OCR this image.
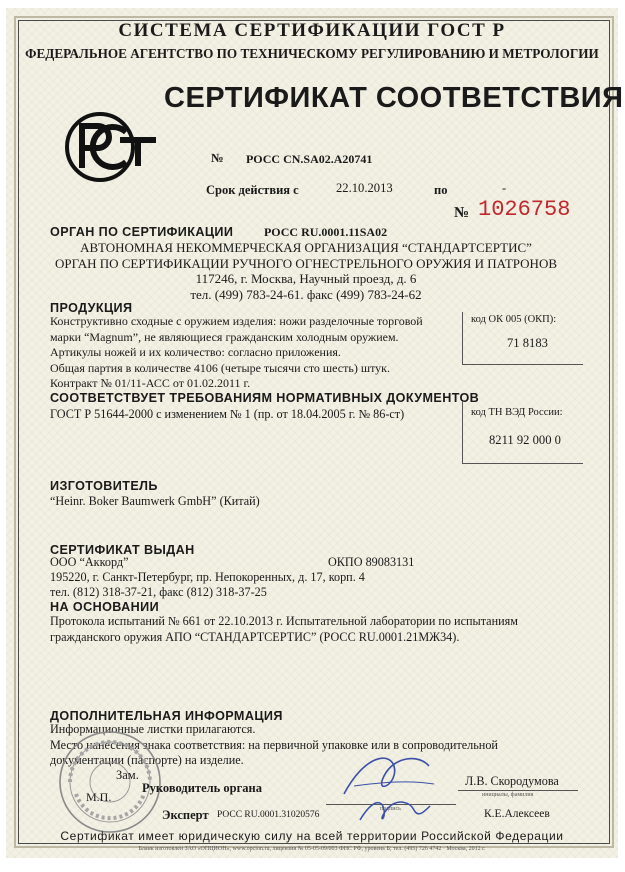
СИСТЕМА СЕРТИФИКАЦИИ ГОСТ Р
ФЕДЕРАЛЬНОЕ АГЕНТСТВО ПО ТЕХНИЧЕСКОМУ РЕГУЛИРОВАНИЮ И МЕТРОЛОГИИ
СЕРТИФИКАТ СООТВЕТСТВИЯ
№ РОСС CN.SA02.A20741
Срок действия с	22.10.2013	по	-
№ 1026758
ОРГАН ПО СЕРТИФИКАЦИИ	РОСС RU.0001.11SA02
АВТОНОМНАЯ НЕКОММЕРЧЕСКАЯ ОРГАНИЗАЦИЯ “СТАНДАРТСЕРТИС”
ОРГАН ПО СЕРТИФИКАЦИИ РУЧНОГО ОГНЕСТРЕЛЬНОГО ОРУЖИЯ И ПАТРОНОВ
117246, г. Москва, Научный проезд, д. 6
тел. (499) 783-24-61. факс (499) 783-24-62
ПРОДУКЦИЯ
Конструктивно сходные с оружием изделия: ножи разделочные торговой
марки “Magnum”, не являющиеся гражданским холодным оружием.
Артикулы ножей и их количество: согласно приложения.
Общая партия в количестве 4106 (четыре тысячи сто шесть) штук.
Контракт № 01/11-АСС от 01.02.2011 г.
код ОК 005 (ОКП):
71 8183
СООТВЕТСТВУЕТ ТРЕБОВАНИЯМ НОРМАТИВНЫХ ДОКУМЕНТОВ
ГОСТ Р 51644-2000 с изменением № 1 (пр. от 18.04.2005 г. № 86-ст)	код ТН ВЭД России:
8211 92 000 0
ИЗГОТОВИТЕЛЬ
“Heinr. Boker Baumwerk GmbH” (Китай)
СЕРТИФИКАТ ВЫДАН
ООО “Аккорд”	ОКПО 89083131
195220, г. Санкт-Петербург, пр. Непокоренных, д. 17, корп. 4
тел. (812) 318-37-21, факс (812) 318-37-25
НА ОСНОВАНИИ
Протокола испытаний № 661 от 22.10.2013 г. Испытательной лаборатории по испытаниям
гражданского оружия АПО “СТАНДАРТСЕРТИС” (РОСС RU.0001.21МЖ34).
ДОПОЛНИТЕЛЬНАЯ ИНФОРМАЦИЯ
Информационные листки прилагаются.
Место нанесения знака соответствия: на первичной упаковке или в сопроводительной
документации (паспорте) на изделие.
Зам.
Руководитель органа	Л.В. Скородумова
инициалы, фамилия
подпись
М.П.
Эксперт РОСС RU.0001.31020576	К.Е.Алексеев
Сертификат имеет юридическую силу на всей территории Российской Федерации
Бланк изготовлен ЗАО «ОПЦИОН», www.opcion.ru, лицензия № 05-05-09/003 ФНС РФ, уровень Б; тел. (495) 726 4742 · Москва, 2012 г.
